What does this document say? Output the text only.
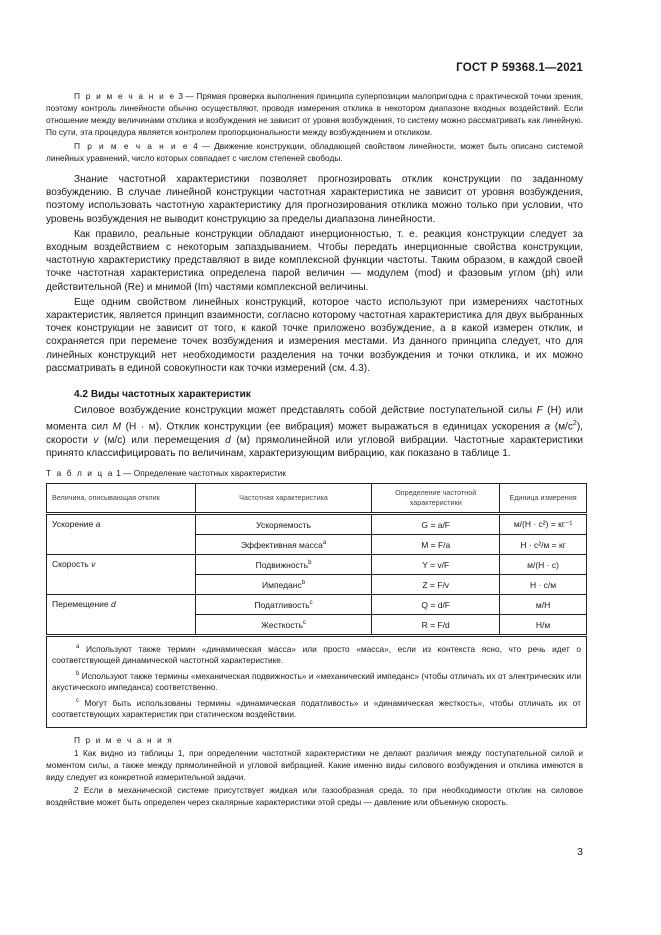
ГОСТ Р 59368.1—2021

П р и м е ч а н и е 3 — Прямая проверка выполнения принципа суперпозиции малопригодна с практической точки зрения, поэтому контроль линейности обычно осуществляют, проводя измерения отклика в некотором диапазоне входных воздействий. Если отношение между величинами отклика и возбуждения не зависит от уровня возбуждения, то систему можно рассматривать как линейную. По сути, эта процедура является контролем пропорциональности между возбуждением и откликом.

П р и м е ч а н и е 4 — Движение конструкции, обладающей свойством линейности, может быть описано системой линейных уравнений, число которых совпадает с числом степеней свободы.

Знание частотной характеристики позволяет прогнозировать отклик конструкции по заданному возбуждению. В случае линейной конструкции частотная характеристика не зависит от уровня возбуждения, поэтому использовать частотную характеристику для прогнозирования отклика можно только при условии, что уровень возбуждения не выводит конструкцию за пределы диапазона линейности.

Как правило, реальные конструкции обладают инерционностью, т. е. реакция конструкции следует за входным воздействием с некоторым запаздыванием. Чтобы передать инерционные свойства конструкции, частотную характеристику представляют в виде комплексной функции частоты. Таким образом, в каждой своей точке частотная характеристика определена парой величин — модулем (mod) и фазовым углом (ph) или действительной (Re) и мнимой (Im) частями комплексной величины.

Еще одним свойством линейных конструкций, которое часто используют при измерениях частотных характеристик, является принцип взаимности, согласно которому частотная характеристика для двух выбранных точек конструкции не зависит от того, к какой точке приложено возбуждение, а в какой измерен отклик, и сохраняется при перемене точек возбуждения и измерения местами. Из данного принципа следует, что для линейных конструкций нет необходимости разделения на точки возбуждения и точки отклика, и их можно рассматривать в единой совокупности как точки измерений (см. 4.3).

4.2 Виды частотных характеристик

Силовое возбуждение конструкции может представлять собой действие поступательной силы F (Н) или момента сил M (Н · м). Отклик конструкции (ее вибрация) может выражаться в единицах ускорения a $(м/с^2)$, скорости v (м/с) или перемещения d (м) прямолинейной или угловой вибрации. Частотные характеристики принято классифицировать по величинам, характеризующим вибрацию, как показано в таблице 1.

Т а б л и ц а 1 — Определение частотных характеристик
Величина, описывающая отклик	Частотная характеристика	Определение частотной характеристики	Единица измерения
Ускорение a	Ускоряемость	G = a/F	м/(Н · с²) = кг⁻¹
	Эффективная масса$^а$	M = F/a	Н · с²/м = кг
Скорость v	Подвижность$^b$	Y = v/F	м/(Н · с)
	Импеданс$^b$	Z = F/v	Н · с/м
Перемещение d	Податливость$^c$	Q = d/F	м/Н
	Жесткость$^c$	R = F/d	Н/м

$^а$ Используют также термин «динамическая масса» или просто «масса», если из контекста ясно, что речь идет о соответствующей динамической частотной характеристике.

$^b$ Используют также термины «механическая подвижность» и «механический импеданс» (чтобы отличать их от электрических или акустического импеданса) соответственно.

$^c$ Могут быть использованы термины «динамическая податливость» и «динамическая жесткость», чтобы отличать их от соответствующих характеристик при статическом воздействии.			

П р и м е ч а н и я

1 Как видно из таблицы 1, при определении частотной характеристики не делают различия между поступательной силой и моментом силы, а также между прямолинейной и угловой вибрацией. Какие именно виды силового возбуждения и отклика имеются в виду следует из конкретной измерительной задачи.

2 Если в механической системе присутствует жидкая или газообразная среда, то при необходимости отклик на силовое воздействие может быть определен через скалярные характеристики этой среды — давление или объемную скорость.

3
